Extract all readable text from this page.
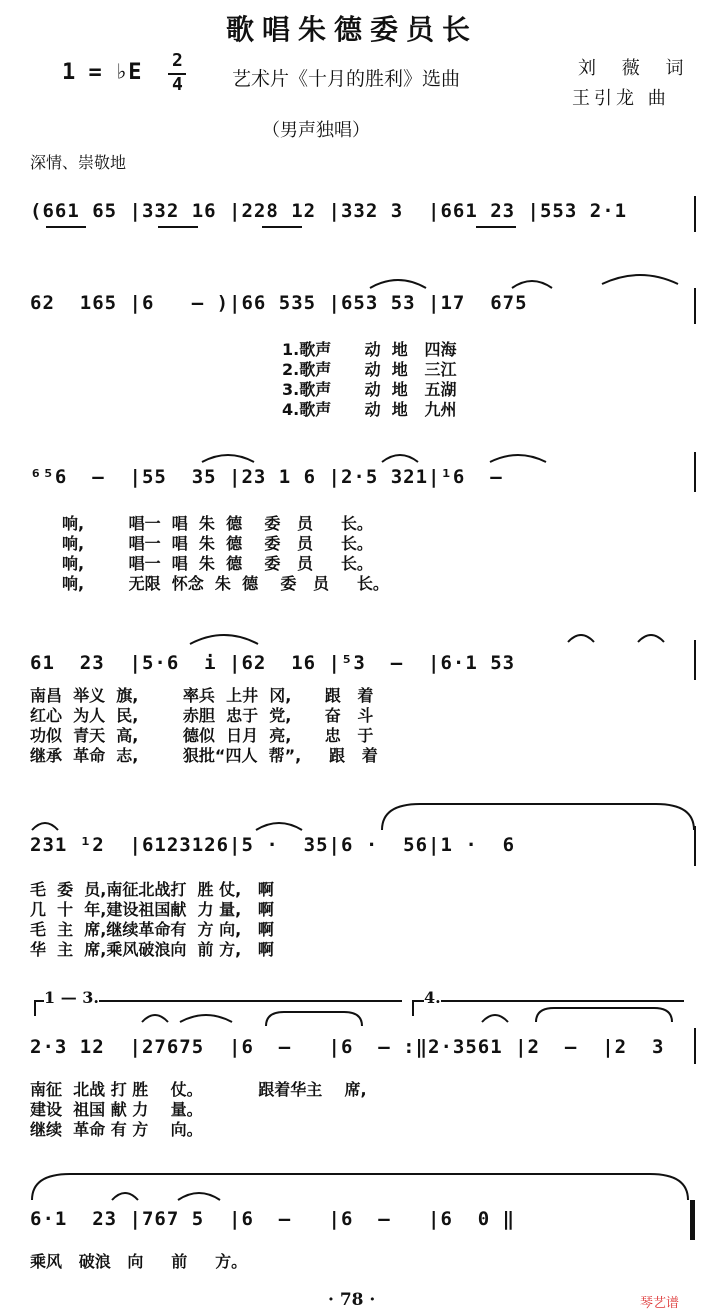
歌唱朱德委员长
1 = ♭E 2
4	艺术片《十月的胜利》选曲	刘 薇 词
王引龙 曲
（男声独唱）
深情、崇敬地
(661 65 |332 16 |228 12 |332 3  |661 23 |553 2·1
62  165 |6   — )|66 535 |653 53 |17  675
1.歌声      动  地   四海
2.歌声      动  地   三江
3.歌声      动  地   五湖
4.歌声      动  地   九州
⁶⁵6  —  |55  35 |23 1 6 |2·5 321|¹6  —
响,        唱一  唱  朱  德    委   员     长。
响,        唱一  唱  朱  德    委   员     长。
响,        唱一  唱  朱  德    委   员     长。
响,        无限  怀念  朱  德    委   员     长。
61  23  |5·6  i |62  16 |⁵3  —  |6·1 53
南昌  举义  旗,        率兵  上井  冈,      跟   着
红心  为人  民,        赤胆  忠于  党,      奋   斗
功似  青天  高,        德似  日月  亮,      忠   于
继承  革命  志,        狠批“四人  帮”,     跟   着
231 ¹2  |6123126|5 ·  35|6 ·  56|1 ·  6
毛  委  员,南征北战打  胜 仗,   啊
几  十  年,建设祖国献  力 量,   啊
毛  主  席,继续革命有  方 向,   啊
华  主  席,乘风破浪向  前 方,   啊
1 — 3.	4.
2·3 12  |27675  |6  —   |6  — :‖2·3561 |2  —  |2  3
南征  北战 打 胜    仗。          跟着华主    席,
建设  祖国 献 力    量。
继续  革命 有 方    向。
6·1  23 |767 5  |6  —   |6  —   |6  0 ‖
乘风   破浪   向     前     方。
· 78 ·	琴艺谱
